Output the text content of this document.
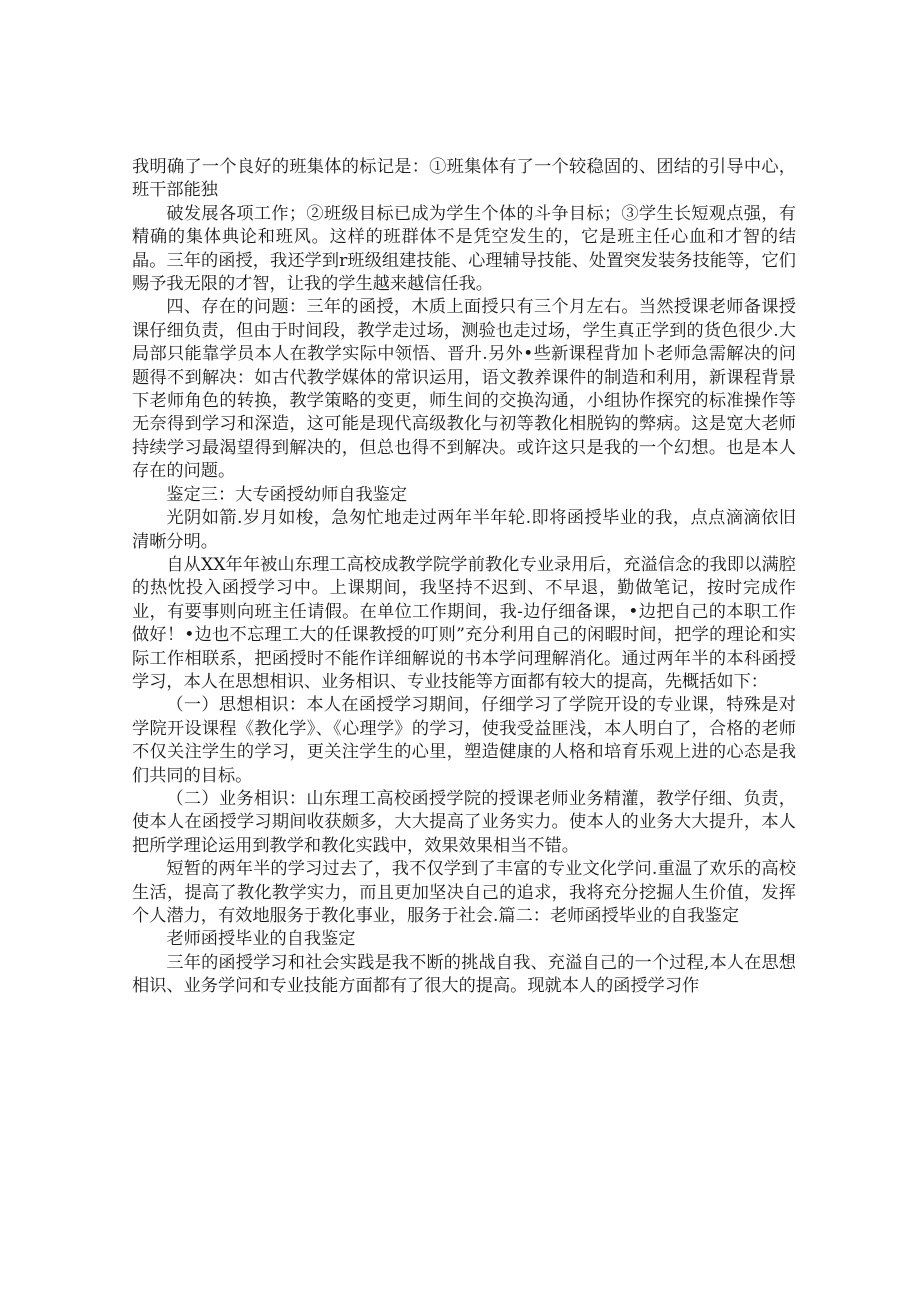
我明确了一个良好的班集体的标记是：①班集体有了一个较稳固的、团结的引导中心，班干部能独

破发展各项工作；②班级目标已成为学生个体的斗争目标；③学生长短观点强，有精确的集体典论和班风。这样的班群体不是凭空发生的，它是班主任心血和才智的结晶。三年的函授，我还学到r班级组建技能、心理辅导技能、处置突发装务技能等，它们赐予我无限的才智，让我的学生越来越信任我。

四、存在的问题：三年的函授，木质上面授只有三个月左右。当然授课老师备课授课仔细负责，但由于时间段，教学走过场，测验也走过场，学生真正学到的货色很少.大局部只能靠学员本人在教学实际中领悟、晋升.另外•些新课程背加卜老师急需解决的问题得不到解决：如古代教学媒体的常识运用，语文教养课件的制造和利用，新课程背景下老师角色的转换，教学策略的变更，师生间的交换沟通，小组协作探究的标准操作等无奈得到学习和深造，这可能是现代高级教化与初等教化相脱钩的弊病。这是宽大老师持续学习最渴望得到解决的，但总也得不到解决。或许这只是我的一个幻想。也是本人存在的问题。

鉴定三：大专函授幼师自我鉴定

光阴如箭.岁月如梭，急匆忙地走过两年半年轮.即将函授毕业的我，点点滴滴依旧清晰分明。

自从XX年年被山东理工高校成教学院学前教化专业录用后，充溢信念的我即以满腔的热忱投入函授学习中。上课期间，我坚持不迟到、不早退，勤做笔记，按时完成作业，有要事则向班主任请假。在单位工作期间，我-边仔细备课，•边把自己的本职工作做好！•边也不忘理工大的任课教授的叮则”充分利用自己的闲暇时间，把学的理论和实际工作相联系，把函授时不能作详细解说的书本学问理解消化。通过两年半的本科函授学习，本人在思想相识、业务相识、专业技能等方面都有较大的提高，先概括如下：

（一）思想相识：本人在函授学习期间，仔细学习了学院开设的专业课，特殊是对学院开设课程《教化学》、《心理学》的学习，使我受益匪浅，本人明白了，合格的老师不仅关注学生的学习，更关注学生的心里，塑造健康的人格和培育乐观上进的心态是我们共同的目标。

（二）业务相识：山东理工高校函授学院的授课老师业务精灌，教学仔细、负责，使本人在函授学习期间收获颇多，大大提高了业务实力。使本人的业务大大提升，本人把所学理论运用到教学和教化实践中，效果效果相当不错。

短暂的两年半的学习过去了，我不仅学到了丰富的专业文化学问.重温了欢乐的高校生活，提高了教化教学实力，而且更加坚决自己的追求，我将充分挖掘人生价值，发挥个人潜力，有效地服务于教化事业，服务于社会.篇二：老师函授毕业的自我鉴定

老师函授毕业的自我鉴定

三年的函授学习和社会实践是我不断的挑战自我、充溢自己的一个过程,本人在思想相识、业务学问和专业技能方面都有了很大的提高。现就本人的函授学习作
